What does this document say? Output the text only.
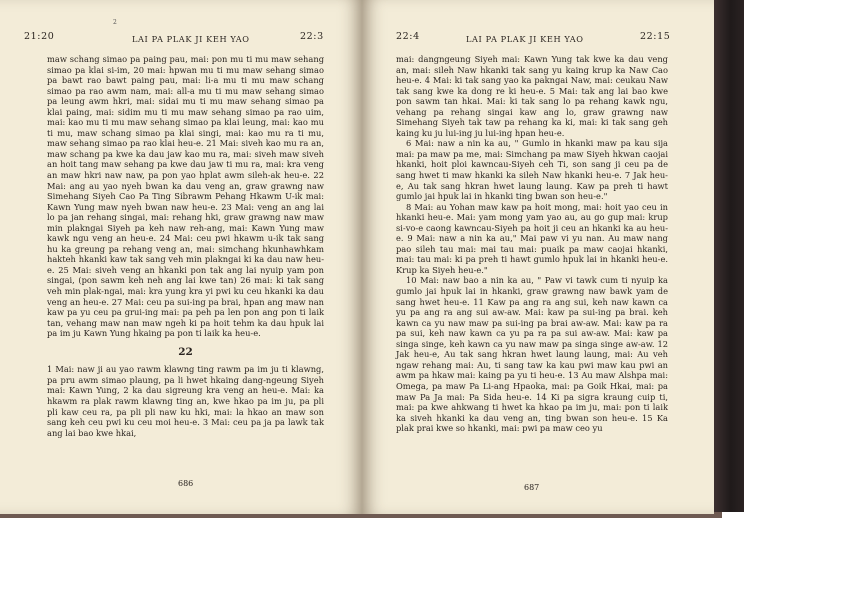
2
21:20	LAI PA PLAK JI KEH YAO	22:3

maw schang simao pa paing pau, mai: pon mu ti mu maw sehang simao pa klai si-im, 20 mai: hpwan mu ti mu maw sehang simao pa bawt rao bawt paing pau, mai: li-a mu ti mu maw schang simao pa rao awm nam, mai: all-a mu ti mu maw sehang simao pa leung awm hkri, mai: sidai mu ti mu maw sehang simao pa klai paing, mai: sidim mu ti mu maw sehang simao pa rao uim, mai: kao mu ti mu maw sehang simao pa klai leung, mai: kao mu ti mu, maw schang simao pa klai singi, mai: kao mu ra ti mu, maw sehang simao pa rao klai heu-e. 21 Mai: siveh kao mu ra an, maw schang pa kwe ka dau jaw kao mu ra, mai: siveh maw siveh an hoit tang maw sehang pa kwe dau jaw ti mu ra, mai: kra veng an maw hkri naw naw, pa pon yao hplat awm sileh-ak heu-e. 22 Mai: ang au yao nyeh bwan ka dau veng an, graw grawng naw Simehang Siyeh Cao Pa Ting Sibrawm Pehang Hkawm U-ik mai: Kawn Yung maw nyeh bwan naw heu-e. 23 Mai: veng an ang lai lo pa jan rehang singai, mai: rehang hki, graw grawng naw maw min plakngai Siyeh pa keh naw reh-ang, mai: Kawn Yung maw kawk ngu veng an heu-e. 24 Mai: ceu pwi hkawm u-ik tak sang hu ka greung pa rehang veng an, mai: simchang hkunhawhkam hakteh hkanki kaw tak sang veh min plakngai ki ka dau naw heu-e. 25 Mai: siveh veng an hkanki pon tak ang lai nyuip yam pon singai, (pon sawm keh neh ang lai kwe tan) 26 mai: ki tak sang veh min plak-ngai, mai: kra yung kra yi pwi ku ceu hkanki ka dau veng an heu-e. 27 Mai: ceu pa sui-ing pa brai, hpan ang maw nan kaw pa yu ceu pa grui-ing mai: pa peh pa len pon ang pon ti laik tan, vehang maw nan maw ngeh ki pa hoit tehm ka dau hpuk lai pa im ju Kawn Yung hkaing pa pon ti laik ka heu-e.

22

1 Mai: naw ji au yao rawm klawng ting rawm pa im ju ti klawng, pa pru awm simao plaung, pa li hwet hkaing dang-ngeung Siyeh mai: Kawn Yung, 2 ka dau sigreung kra veng an heu-e. Mai: ka hkawm ra plak rawm klawng ting an, kwe hkao pa im ju, pa pli pli kaw ceu ra, pa pli pli naw ku hki, mai: la hkao an maw son sang keh ceu pwi ku ceu moi heu-e. 3 Mai: ceu pa ja pa lawk tak ang lai bao kwe hkai,

686
22:4	LAI PA PLAK JI KEH YAO	22:15

mai: dangngeung Siyeh mai: Kawn Yung tak kwe ka dau veng an, mai: sileh Naw hkanki tak sang yu kaing krup ka Naw Cao heu-e. 4 Mai: ki tak sang yao ka pakngai Naw, mai: ceukau Naw tak sang kwe ka dong re ki heu-e. 5 Mai: tak ang lai bao kwe pon sawm tan hkai. Mai: ki tak sang lo pa rehang kawk ngu, vehang pa rehang singai kaw ang lo, graw grawng naw Simehang Siyeh tak taw pa rehang ka ki, mai: ki tak sang geh kaing ku ju lui-ing ju lui-ing hpan heu-e.

6 Mai: naw a nin ka au, " Gumlo in hkanki maw pa kau sija mai: pa maw pa me, mai: Simchang pa maw Siyeh hkwan caojai hkanki, hoit ploi kawncau-Siyeh ceh Ti, son sang ji ceu pa de sang hwet ti maw hkanki ka sileh Naw hkanki heu-e. 7 Jak heu-e, Au tak sang hkran hwet laung laung. Kaw pa preh ti hawt gumlo jai hpuk lai in hkanki ting bwan son heu-e."

8 Mai: au Yohan maw kaw pa hoit mong, mai: hoit yao ceu in hkanki heu-e. Mai: yam mong yam yao au, au go gup mai: krup si-vo-e caong kawncau-Siyeh pa hoit ji ceu an hkanki ka au heu-e. 9 Mai: naw a nin ka au," Mai paw vi yu nan. Au maw nang pao sileh tau mai: mai tau mai: puaik pa maw caojai hkanki, mai: tau mai: ki pa preh ti hawt gumlo hpuk lai in hkanki heu-e. Krup ka Siyeh heu-e."

10 Mai: naw bao a nin ka au, " Paw vi tawk cum ti nyuip ka gumlo jai hpuk lai in hkanki, graw grawng naw bawk yam de sang hwet heu-e. 11 Kaw pa ang ra ang sui, keh naw kawn ca yu pa ang ra ang sui aw-aw. Mai: kaw pa sui-ing pa brai. keh kawn ca yu naw maw pa sui-ing pa brai aw-aw. Mai: kaw pa ra pa sui, keh naw kawn ca yu pa ra pa sui aw-aw. Mai: kaw pa singa singe, keh kawn ca yu naw maw pa singa singe aw-aw. 12 Jak heu-e, Au tak sang hkran hwet laung laung, mai: Au veh ngaw rehang mai: Au, ti sang taw ka kau pwi maw kau pwi an awm pa hkaw mai: kaing pa yu ti heu-e. 13 Au maw Alshpa mai: Omega, pa maw Pa Li-ang Hpaoka, mai: pa Goik Hkai, mai: pa maw Pa Ja mai: Pa Sida heu-e. 14 Ki pa sigra kraung cuip ti, mai: pa kwe ahkwang ti hwet ka hkao pa im ju, mai: pon ti laik ka siveh hkanki ka dau veng an, ting bwan son heu-e. 15 Ka plak prai kwe so hkanki, mai: pwi pa maw ceo yu

687
